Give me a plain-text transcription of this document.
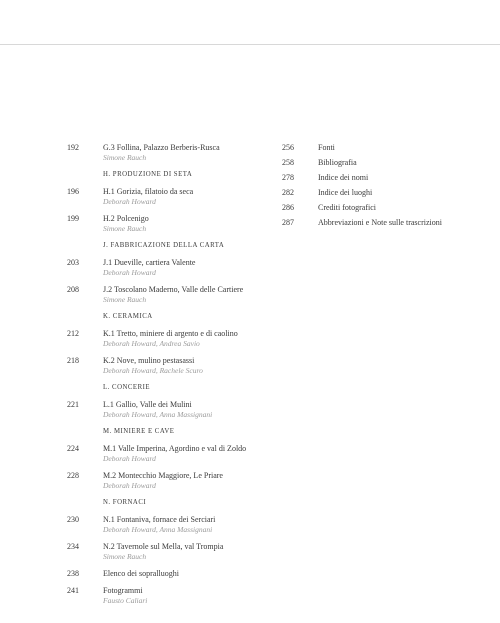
192	G.3 Follina, Palazzo Berberis-Rusca
Simone Rauch
H. PRODUZIONE DI SETA
196	H.1 Gorizia, filatoio da seca
Deborah Howard
199	H.2 Polcenigo
Simone Rauch
J. FABBRICAZIONE DELLA CARTA
203	J.1 Dueville, cartiera Valente
Deborah Howard
208	J.2 Toscolano Maderno, Valle delle Cartiere
Simone Rauch
K. CERAMICA
212	K.1 Tretto, miniere di argento e di caolino
Deborah Howard, Andrea Savio
218	K.2 Nove, mulino pestasassi
Deborah Howard, Rachele Scuro
L. CONCERIE
221	L.1 Gallio, Valle dei Mulini
Deborah Howard, Anna Massignani
M. MINIERE E CAVE
224	M.1 Valle Imperina, Agordino e val di Zoldo
Deborah Howard
228	M.2 Montecchio Maggiore, Le Priare
Deborah Howard
N. FORNACI
230	N.1 Fontaniva, fornace dei Serciari
Deborah Howard, Anna Massignani
234	N.2 Tavernole sul Mella, val Trompia
Simone Rauch
238	Elenco dei sopralluoghi
241	Fotogrammi
Fausto Caliari
256	Fonti
258	Bibliografia
278	Indice dei nomi
282	Indice dei luoghi
286	Crediti fotografici
287	Abbreviazioni e Note sulle trascrizioni
